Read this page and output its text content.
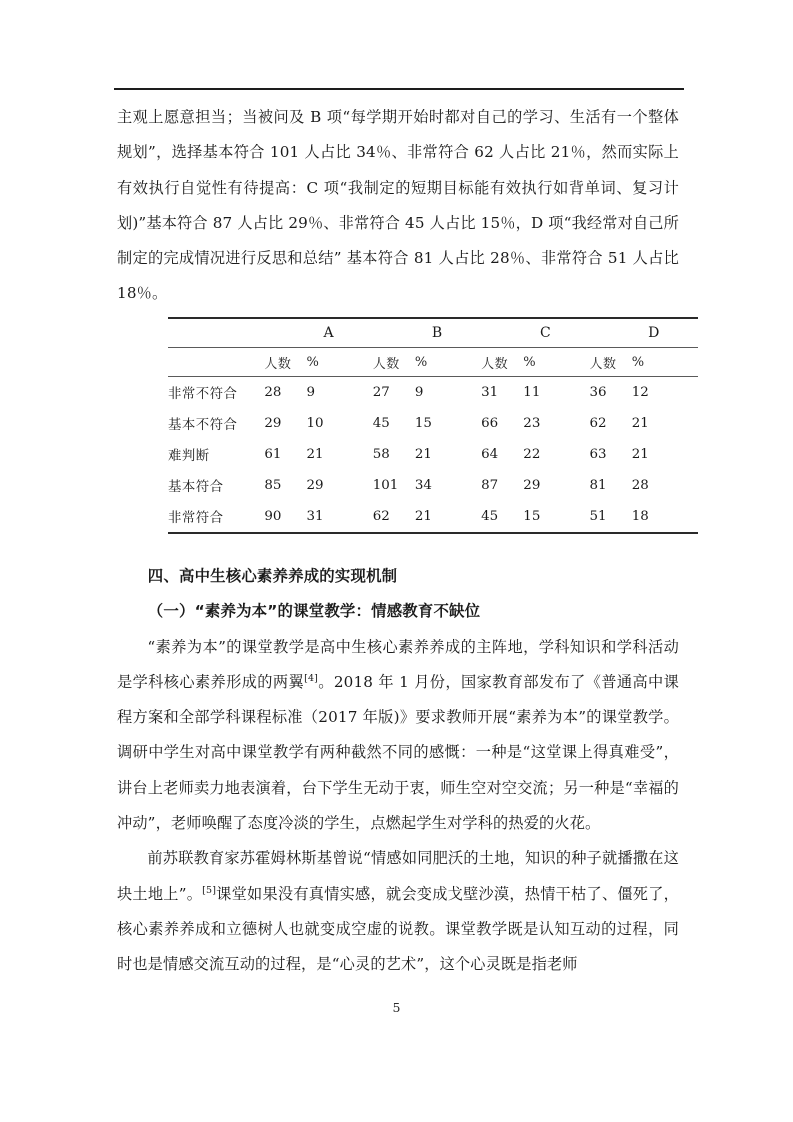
主观上愿意担当；当被问及 B 项“每学期开始时都对自己的学习、生活有一个整体规划”，选择基本符合 101 人占比 34％、非常符合 62 人占比 21％，然而实际上有效执行自觉性有待提高：C 项“我制定的短期目标能有效执行如背单词、复习计划)”基本符合 87 人占比 29％、非常符合 45 人占比 15％，D 项“我经常对自己所制定的完成情况进行反思和总结” 基本符合 81 人占比 28％、非常符合 51 人占比 18％。

		A			B			C			D	
	人数	%		人数	%		人数	%		人数	%	
非常不符合	28	9		27	9		31	11		36	12	
基本不符合	29	10		45	15		66	23		62	21	
难判断	61	21		58	21		64	22		63	21	
基本符合	85	29		101	34		87	29		81	28	
非常符合	90	31		62	21		45	15		51	18	

四、高中生核心素养养成的实现机制
（一）“素养为本”的课堂教学：情感教育不缺位

“素养为本”的课堂教学是高中生核心素养养成的主阵地，学科知识和学科活动是学科核心素养形成的两翼[4]。2018 年 1 月份，国家教育部发布了《普通高中课程方案和全部学科课程标准（2017 年版)》要求教师开展“素养为本”的课堂教学。调研中学生对高中课堂教学有两种截然不同的感慨：一种是“这堂课上得真难受”，讲台上老师卖力地表演着，台下学生无动于衷，师生空对空交流；另一种是“幸福的冲动”，老师唤醒了态度冷淡的学生，点燃起学生对学科的热爱的火花。

前苏联教育家苏霍姆林斯基曾说“情感如同肥沃的土地，知识的种子就播撒在这块土地上”。[5]课堂如果没有真情实感，就会变成戈壁沙漠，热情干枯了、僵死了，核心素养养成和立德树人也就变成空虚的说教。课堂教学既是认知互动的过程，同时也是情感交流互动的过程，是“心灵的艺术”，这个心灵既是指老师

5
